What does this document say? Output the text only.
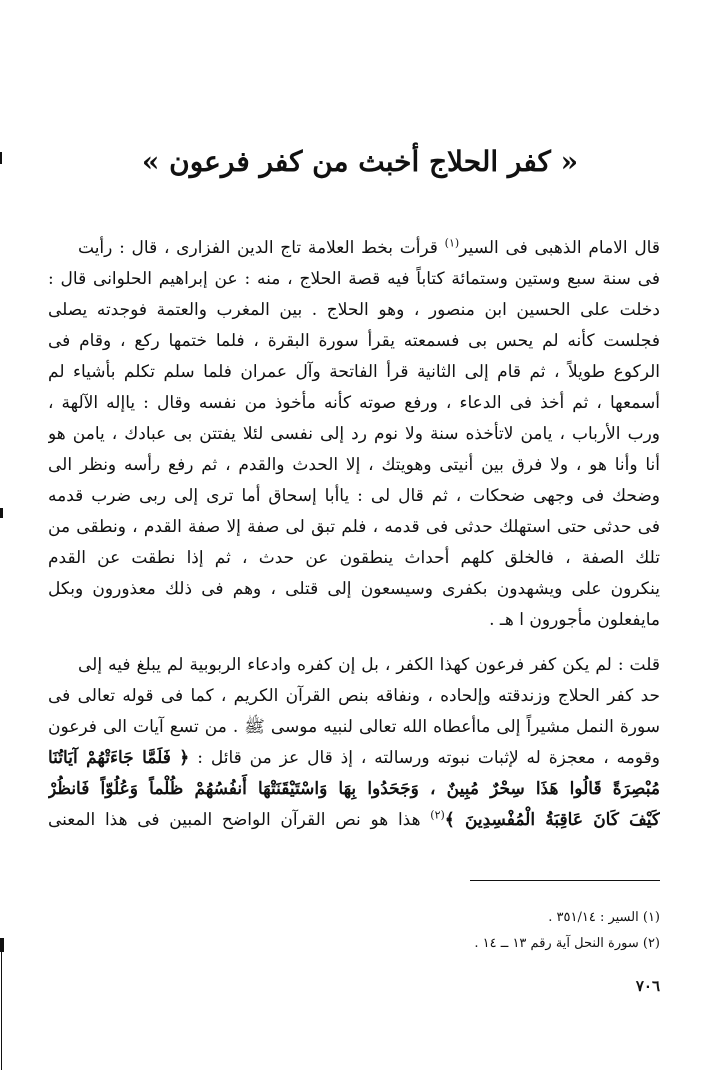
« كفر الحلاج أخبث من كفر فرعون »
قال الامام الذهبى فى السير$^{(١)}$ قرأت بخط العلامة تاج الدين الفزارى ، قال : رأيت
فى سنة سبع وستين وستمائة كتاباً فيه قصة الحلاج ، منه : عن إبراهيم الحلوانى قال :
دخلت على الحسين ابن منصور ، وهو الحلاج . بين المغرب والعتمة فوجدته يصلى
فجلست كأنه لم يحس بى فسمعته يقرأ سورة البقرة ، فلما ختمها ركع ، وقام فى
الركوع طويلاً ، ثم قام إلى الثانية قرأ الفاتحة وآل عمران فلما سلم تكلم بأشياء لم
أسمعها ، ثم أخذ فى الدعاء ، ورفع صوته كأنه مأخوذ من نفسه وقال : ياإله الآلهة ،
ورب الأرباب ، يامن لاتأخذه سنة ولا نوم رد إلى نفسى لئلا يفتتن بى عبادك ، يامن هو
أنا وأنا هو ، ولا فرق بين أنيتى وهويتك ، إلا الحدث والقدم ، ثم رفع رأسه ونظر الى
وضحك فى وجهى ضحكات ، ثم قال لى : ياأبا إسحاق أما ترى إلى ربى ضرب قدمه
فى حدثى حتى استهلك حدثى فى قدمه ، فلم تبق لى صفة إلا صفة القدم ، ونطقى من
تلك الصفة ، فالخلق كلهم أحداث ينطقون عن حدث ، ثم إذا نطقت عن القدم
ينكرون على ويشهدون بكفرى وسيسعون إلى قتلى ، وهم فى ذلك معذورون وبكل
مايفعلون مأجورون ا هـ .
قلت : لم يكن كفر فرعون كهذا الكفر ، بل إن كفره وادعاء الربوبية لم يبلغ فيه إلى
حد كفر الحلاج وزندقته وإلحاده ، ونفاقه بنص القرآن الكريم ، كما فى قوله تعالى فى
سورة النمل مشيراً إلى ماأعطاه الله تعالى لنبيه موسى ﷺ . من تسع آيات الى فرعون
وقومه ، معجزة له لإثبات نبوته ورسالته ، إذ قال عز من قائل : ﴿ فَلَمَّا جَاءَتْهُمْ آيَاتُنَا
مُبْصِرَةً قَالُوا هَذَا سِحْرٌ مُبِينٌ ، وَجَحَدُوا بِهَا وَاسْتَيْقَنَتْهَا أَنفُسُهُمْ ظُلْماً وَعُلُوّاً فَانظُرْ
كَيْفَ كَانَ عَاقِبَةُ الْمُفْسِدِينَ ﴾$^{(٢)}$ هذا هو نص القرآن الواضح المبين فى هذا المعنى
(١) السير : ٣٥١/١٤ .
(٢) سورة النحل آية رقم ١٣ ــ ١٤ .
٧٠٦
